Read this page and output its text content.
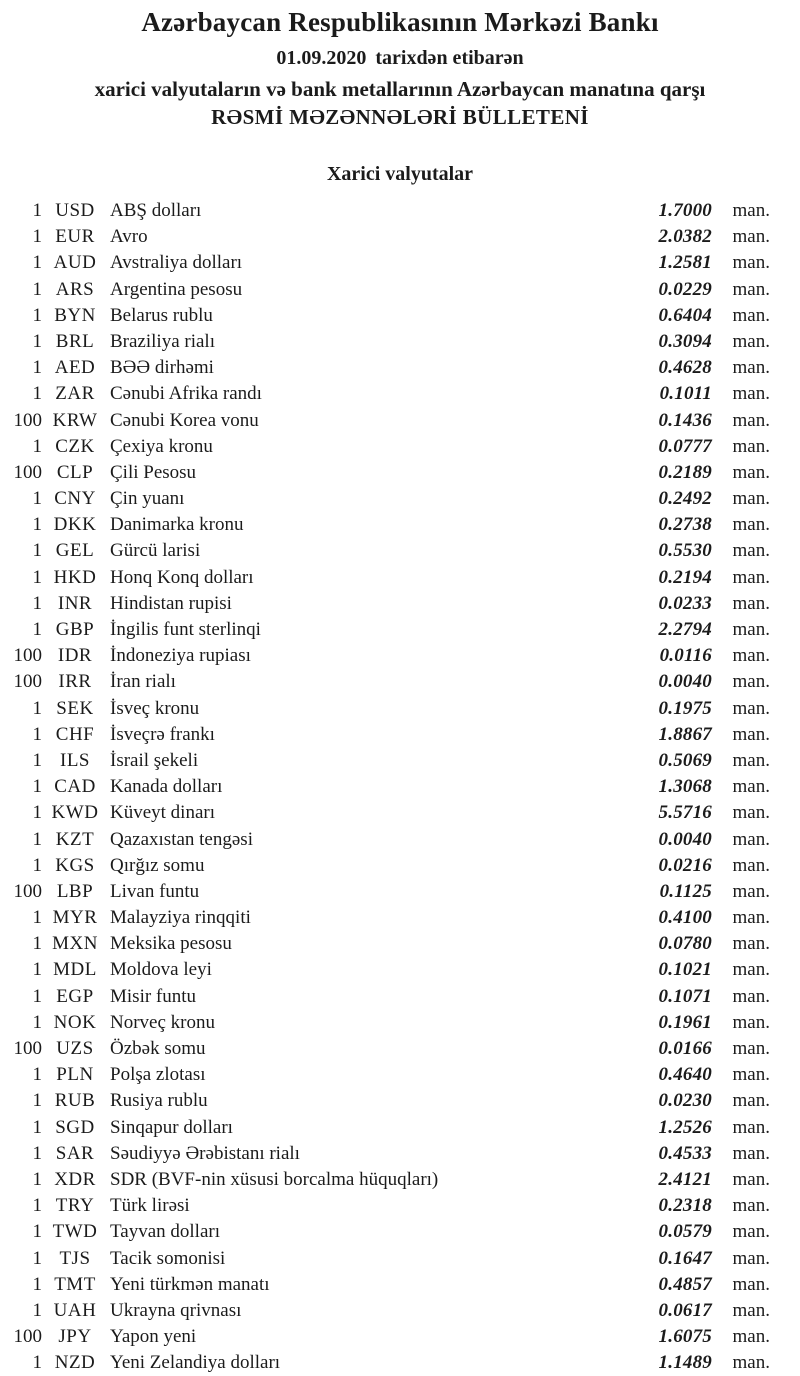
Azərbaycan Respublikasının Mərkəzi Bankı
01.09.2020 tarixdən etibarən
xarici valyutaların və bank metallarının Azərbaycan manatına qarşı
RƏSMİ MƏZƏNNƏLƏRİ BÜLLETENİ
Xarici valyutalar
1 USD ABŞ dolları	1.7000	man.
1 EUR Avro	2.0382	man.
1 AUD Avstraliya dolları	1.2581	man.
1 ARS Argentina pesosu	0.0229	man.
1 BYN Belarus rublu	0.6404	man.
1 BRL Braziliya rialı	0.3094	man.
1 AED BƏƏ dirhəmi	0.4628	man.
1 ZAR Cənubi Afrika randı	0.1011	man.
100 KRW Cənubi Korea vonu	0.1436	man.
1 CZK Çexiya kronu	0.0777	man.
100 CLP Çili Pesosu	0.2189	man.
1 CNY Çin yuanı	0.2492	man.
1 DKK Danimarka kronu	0.2738	man.
1 GEL Gürcü larisi	0.5530	man.
1 HKD Honq Konq dolları	0.2194	man.
1 INR Hindistan rupisi	0.0233	man.
1 GBP İngilis funt sterlinqi	2.2794	man.
100 IDR İndoneziya rupiası	0.0116	man.
100 IRR İran rialı	0.0040	man.
1 SEK İsveç kronu	0.1975	man.
1 CHF İsveçrə frankı	1.8867	man.
1 ILS	İsrail şekeli	0.5069	man.
1 CAD Kanada dolları	1.3068	man.
1 KWD Küveyt dinarı	5.5716	man.
1 KZT Qazaxıstan tengəsi	0.0040	man.
1 KGS Qırğız somu	0.0216	man.
100 LBP Livan funtu	0.1125	man.
1 MYR Malayziya rinqqiti	0.4100	man.
1 MXN Meksika pesosu	0.0780	man.
1 MDL Moldova leyi	0.1021	man.
1 EGP Misir funtu	0.1071	man.
1 NOK Norveç kronu	0.1961	man.
100 UZS Özbək somu	0.0166	man.
1 PLN Polşa zlotası	0.4640	man.
1 RUB Rusiya rublu	0.0230	man.
1 SGD Sinqapur dolları	1.2526	man.
1 SAR Səudiyyə Ərəbistanı rialı	0.4533	man.
1 XDR SDR (BVF-nin xüsusi borcalma hüquqları)	2.4121	man.
1 TRY Türk lirəsi	0.2318	man.
1 TWD Tayvan dolları	0.0579	man.
1 TJS	Tacik somonisi	0.1647	man.
1 TMT Yeni türkmən manatı	0.4857	man.
1 UAH Ukrayna qrivnası	0.0617	man.
100 JPY Yapon yeni	1.6075	man.
1 NZD Yeni Zelandiya dolları	1.1489	man.
